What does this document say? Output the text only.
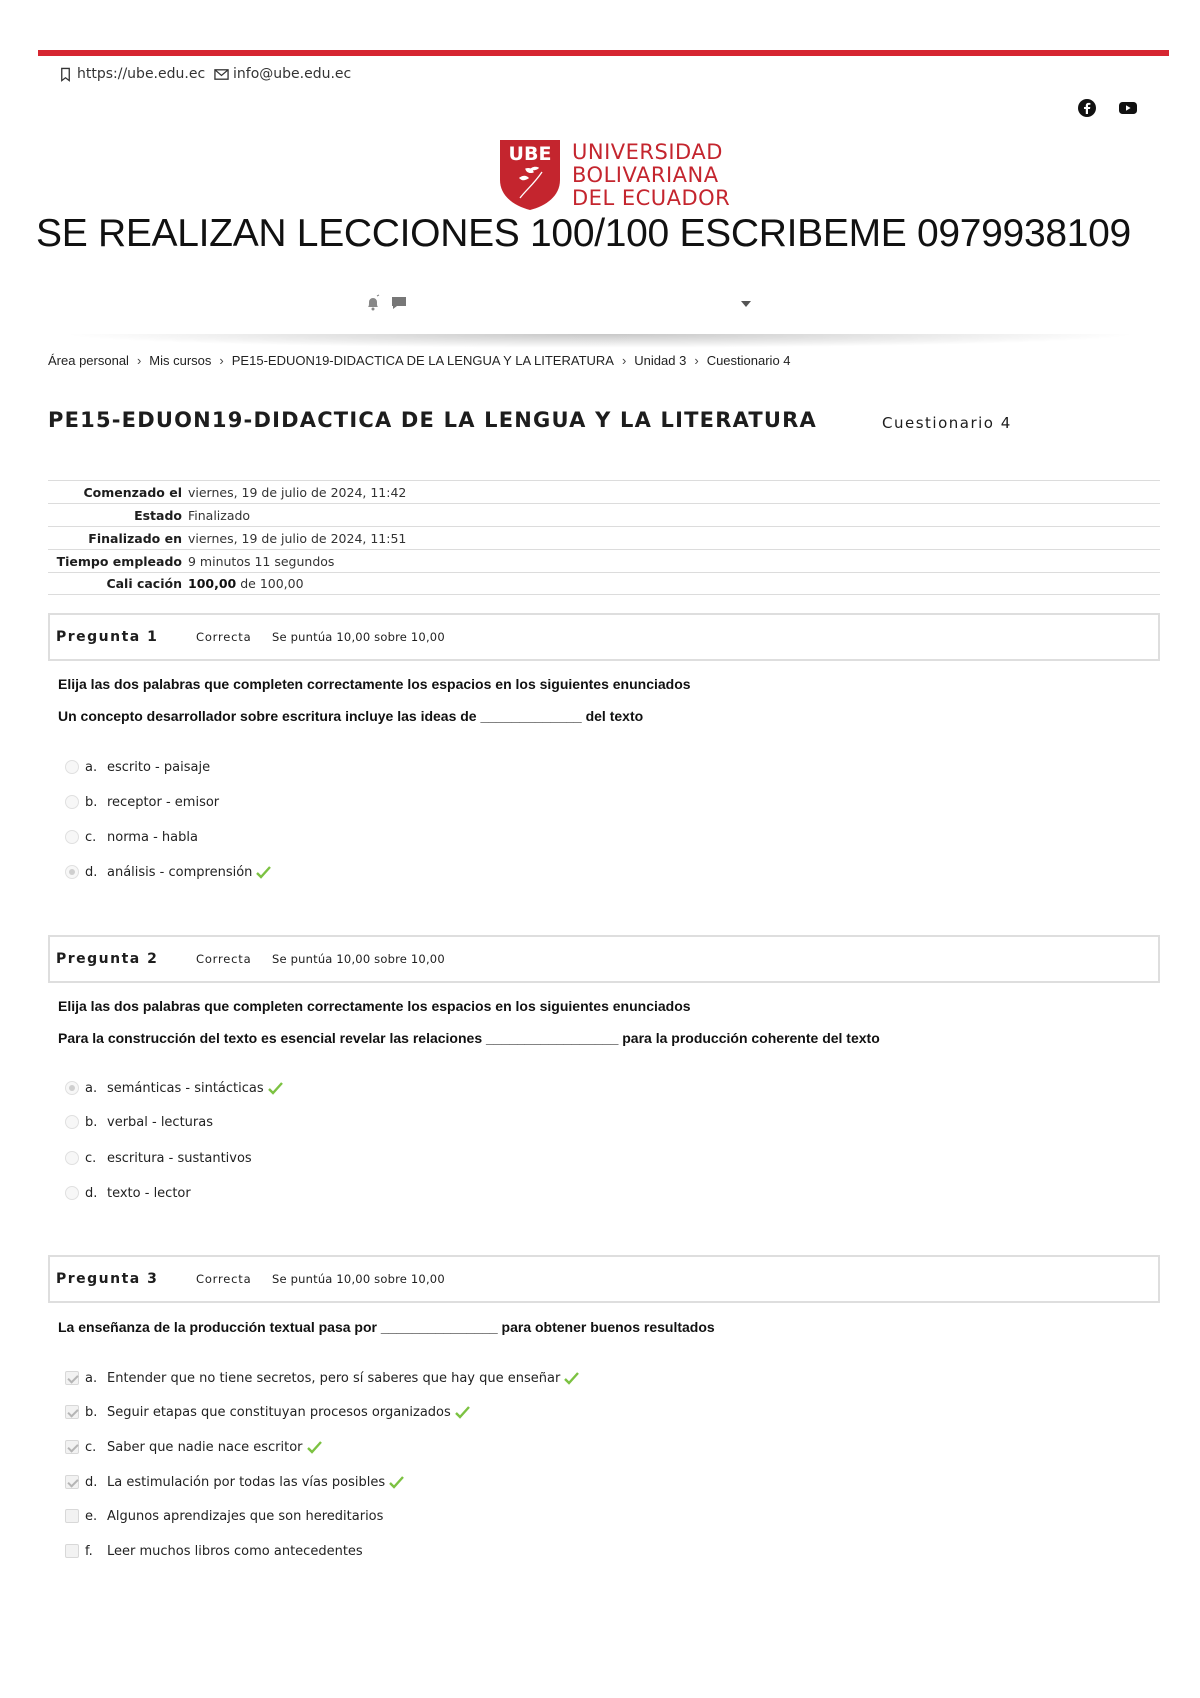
https://ube.edu.ec info@ube.edu.ec
UBE UNIVERSIDAD
BOLIVARIANA
DEL ECUADOR
SE REALIZAN LECCIONES 100/100 ESCRIBEME 0979938109
Área personal › Mis cursos › PE15-EDUON19-DIDACTICA DE LA LENGUA Y LA LITERATURA › Unidad 3 › Cuestionario 4
PE15-EDUON19-DIDACTICA DE LA LENGUA Y LA LITERATURA	Cuestionario 4
Comenzado el viernes, 19 de julio de 2024, 11:42
Estado Finalizado
Finalizado en viernes, 19 de julio de 2024, 11:51
Tiempo empleado 9 minutos 11 segundos
Cali cación 100,00 de 100,00
Pregunta 1	Correcta	Se puntúa 10,00 sobre 10,00
Elija las dos palabras que completen correctamente los espacios en los siguientes enunciados
Un concepto desarrollador sobre escritura incluye las ideas de _____________ del texto
a. escrito - paisaje
b. receptor - emisor
c. norma - habla
d. análisis - comprensión
Pregunta 2	Correcta	Se puntúa 10,00 sobre 10,00
Elija las dos palabras que completen correctamente los espacios en los siguientes enunciados
Para la construcción del texto es esencial revelar las relaciones _________________ para la producción coherente del texto
a. semánticas - sintácticas
b. verbal - lecturas
c. escritura - sustantivos
d. texto - lector
Pregunta 3	Correcta	Se puntúa 10,00 sobre 10,00
La enseñanza de la producción textual pasa por _______________ para obtener buenos resultados
a. Entender que no tiene secretos, pero sí saberes que hay que enseñar
b. Seguir etapas que constituyan procesos organizados
c. Saber que nadie nace escritor
d. La estimulación por todas las vías posibles
e. Algunos aprendizajes que son hereditarios
f.	Leer muchos libros como antecedentes
